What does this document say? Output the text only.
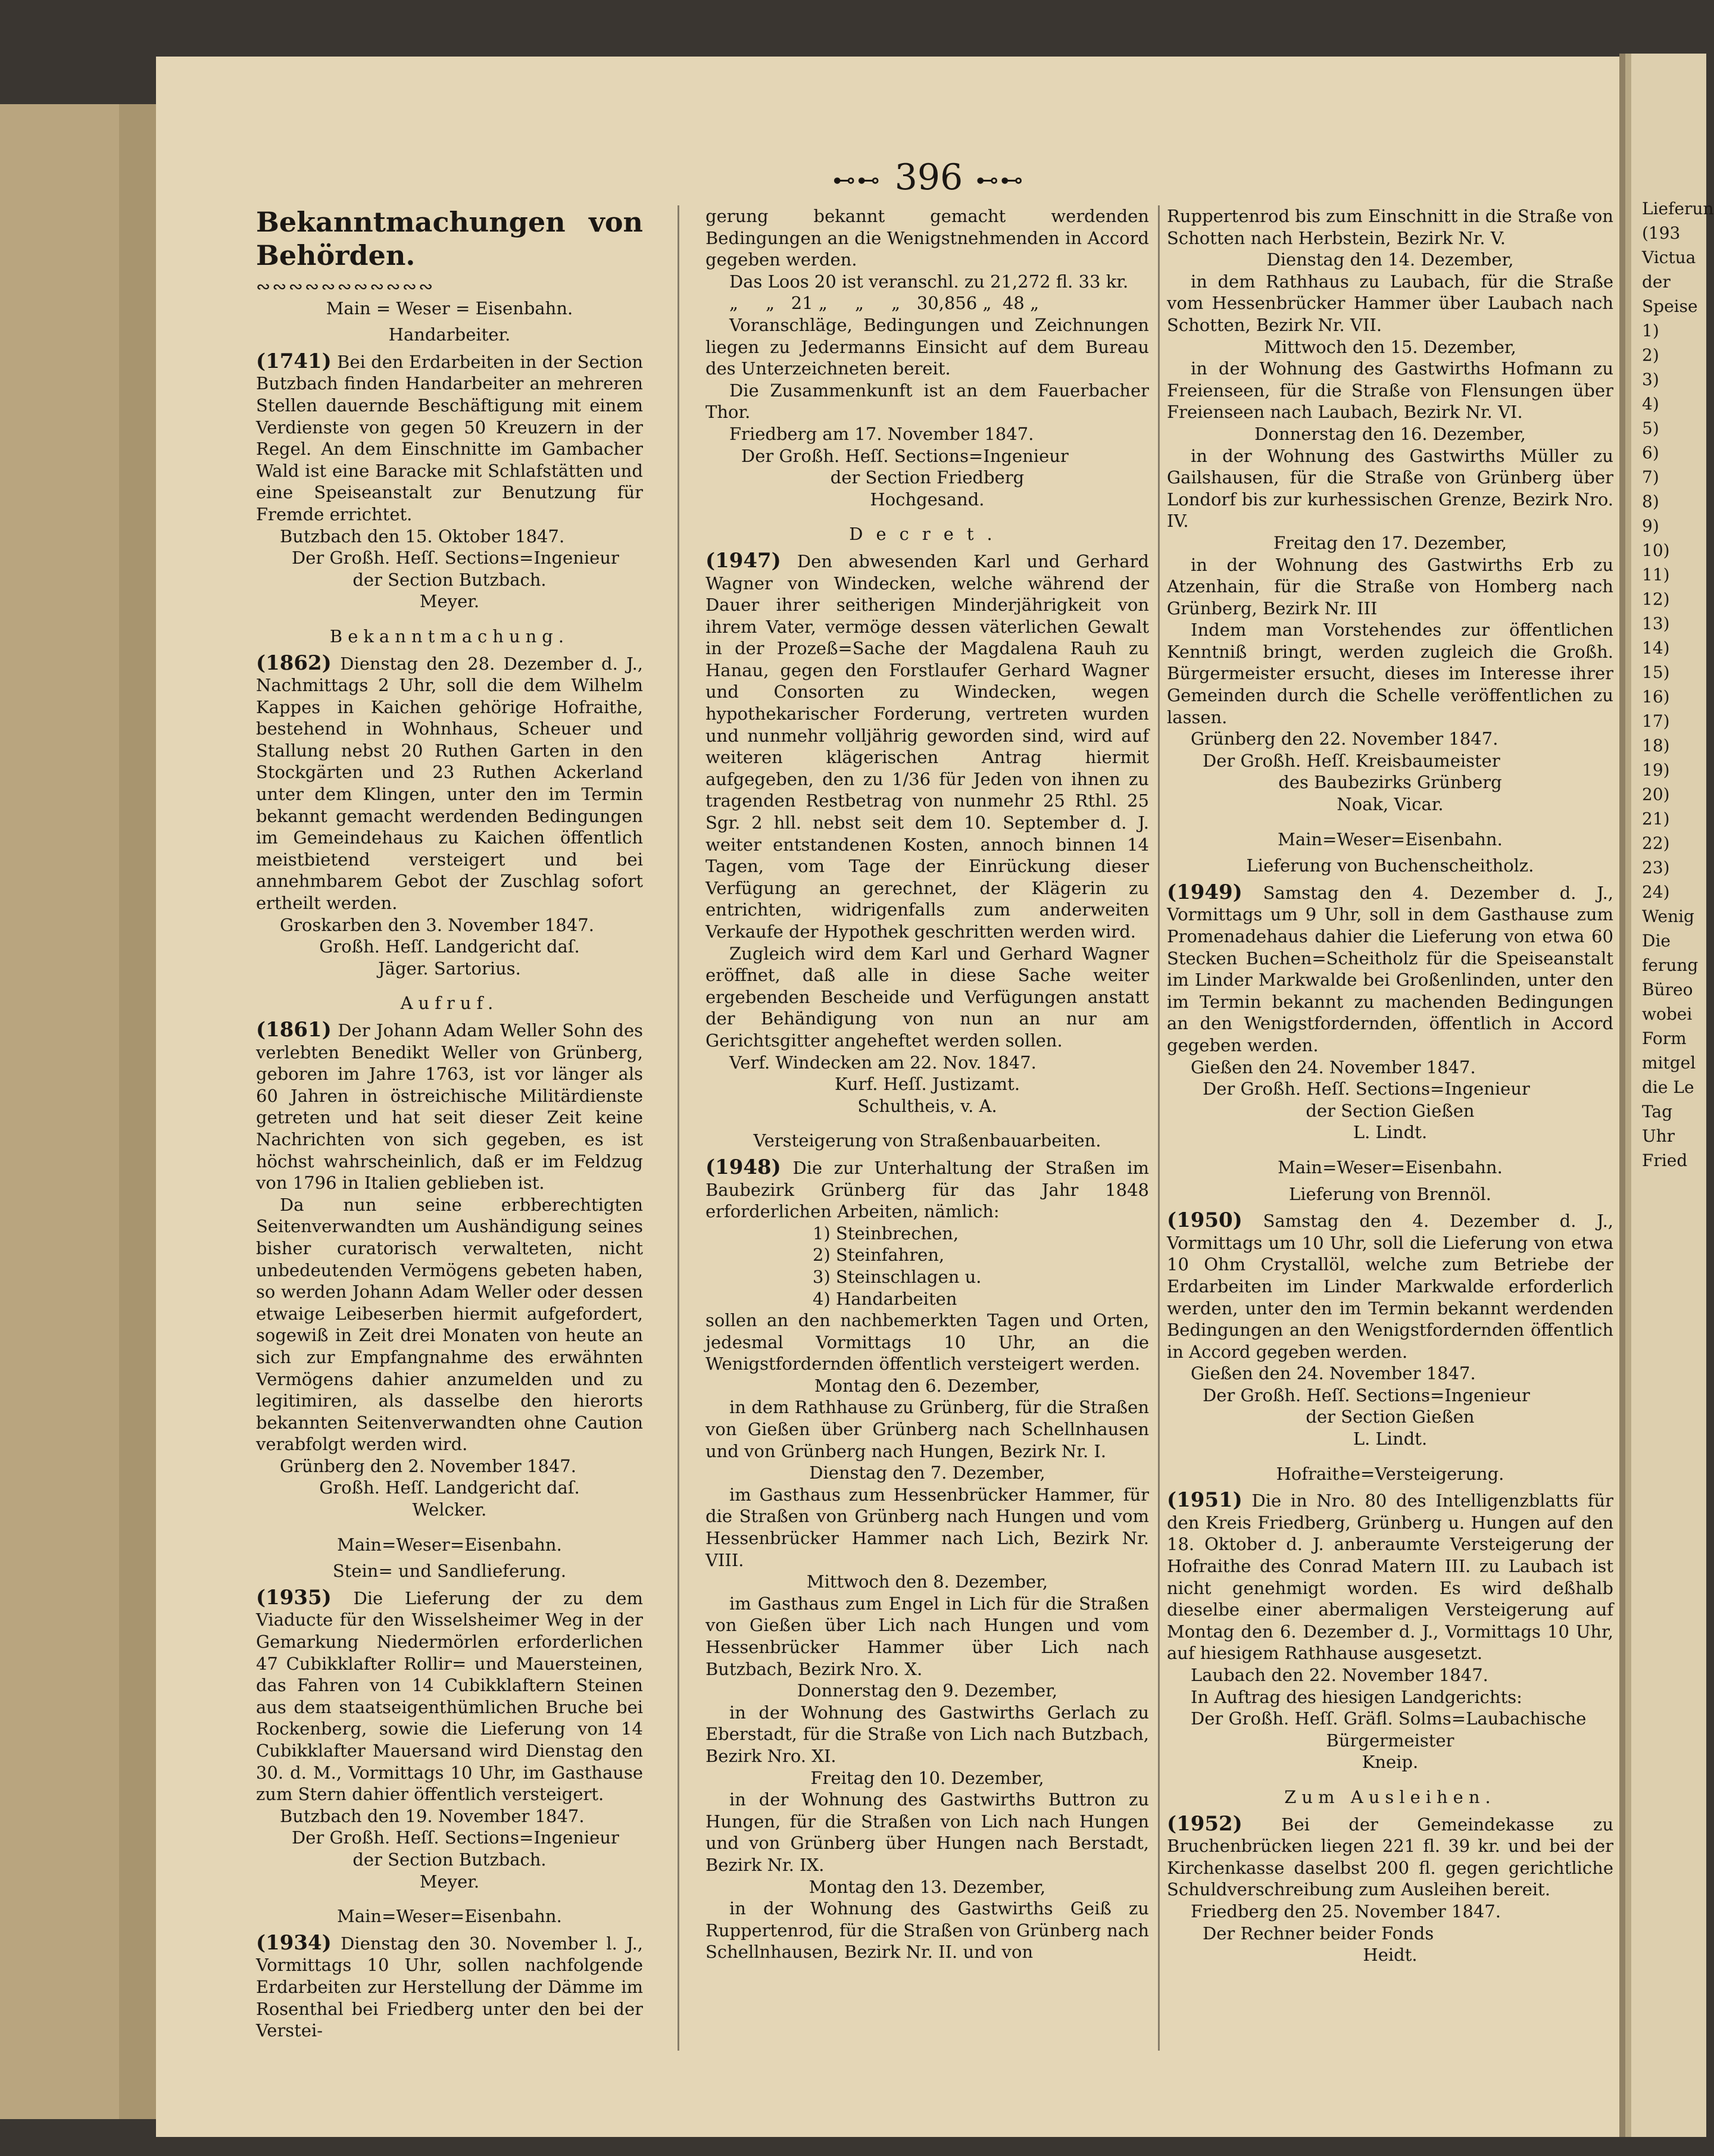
⊷⊷ 396 ⊷⊷

Bekanntmachungen von Behörden.

∾∾∾∾∾∾∾∾∾∾∾

Main = Weser = Eisenbahn.

Handarbeiter.

(1741) Bei den Erdarbeiten in der Section Butzbach finden Handarbeiter an mehreren Stellen dauernde Beschäftigung mit einem Verdienste von gegen 50 Kreuzern in der Regel. An dem Einschnitte im Gambacher Wald ist eine Baracke mit Schlafstätten und eine Speiseanstalt zur Benutzung für Fremde errichtet.

Butzbach den 15. Oktober 1847.

Der Großh. Heſſ. Sections=Ingenieur

der Section Butzbach.

Meyer.

Bekanntmachung.

(1862) Dienstag den 28. Dezember d. J., Nachmittags 2 Uhr, soll die dem Wilhelm Kappes in Kaichen gehörige Hofraithe, bestehend in Wohnhaus, Scheuer und Stallung nebst 20 Ruthen Garten in den Stockgärten und 23 Ruthen Ackerland unter dem Klingen, unter den im Termin bekannt gemacht werdenden Bedingungen im Gemeindehaus zu Kaichen öffentlich meistbietend versteigert und bei annehmbarem Gebot der Zuschlag sofort ertheilt werden.

Groskarben den 3. November 1847.

Großh. Heſſ. Landgericht daſ.

Jäger. Sartorius.

Aufruf.

(1861) Der Johann Adam Weller Sohn des verlebten Benedikt Weller von Grünberg, geboren im Jahre 1763, ist vor länger als 60 Jahren in östreichische Militärdienste getreten und hat seit dieser Zeit keine Nachrichten von sich gegeben, es ist höchst wahrscheinlich, daß er im Feldzug von 1796 in Italien geblieben ist.

Da nun seine erbberechtigten Seitenverwandten um Aushändigung seines bisher curatorisch verwalteten, nicht unbedeutenden Vermögens gebeten haben, so werden Johann Adam Weller oder dessen etwaige Leibeserben hiermit aufgefordert, sogewiß in Zeit drei Monaten von heute an sich zur Empfangnahme des erwähnten Vermögens dahier anzumelden und zu legitimiren, als dasselbe den hierorts bekannten Seitenverwandten ohne Caution verabfolgt werden wird.

Grünberg den 2. November 1847.

Großh. Heſſ. Landgericht daſ.

Welcker.

Main=Weser=Eisenbahn.

Stein= und Sandlieferung.

(1935) Die Lieferung der zu dem Viaducte für den Wisselsheimer Weg in der Gemarkung Niedermörlen erforderlichen 47 Cubikklafter Rollir= und Mauersteinen, das Fahren von 14 Cubikklaftern Steinen aus dem staatseigenthümlichen Bruche bei Rockenberg, sowie die Lieferung von 14 Cubikklafter Mauersand wird Dienstag den 30. d. M., Vormittags 10 Uhr, im Gasthause zum Stern dahier öffentlich versteigert.

Butzbach den 19. November 1847.

Der Großh. Heſſ. Sections=Ingenieur

der Section Butzbach.

Meyer.

Main=Weser=Eisenbahn.

(1934) Dienstag den 30. November l. J., Vormittags 10 Uhr, sollen nachfolgende Erdarbeiten zur Herstellung der Dämme im Rosenthal bei Friedberg unter den bei der Verstei-

gerung bekannt gemacht werdenden Bedingungen an die Wenigstnehmenden in Accord gegeben werden.

Das Loos 20 ist veranschl. zu 21,272 fl. 33 kr.

„     „   21 „     „     „   30,856 „  48 „

Voranschläge, Bedingungen und Zeichnungen liegen zu Jedermanns Einsicht auf dem Bureau des Unterzeichneten bereit.

Die Zusammenkunft ist an dem Fauerbacher Thor.

Friedberg am 17. November 1847.

Der Großh. Heſſ. Sections=Ingenieur

der Section Friedberg

Hochgesand.

Decret.

(1947) Den abwesenden Karl und Gerhard Wagner von Windecken, welche während der Dauer ihrer seitherigen Minderjährigkeit von ihrem Vater, vermöge dessen väterlichen Gewalt in der Prozeß=Sache der Magdalena Rauh zu Hanau, gegen den Forstlaufer Gerhard Wagner und Consorten zu Windecken, wegen hypothekarischer Forderung, vertreten wurden und nunmehr volljährig geworden sind, wird auf weiteren klägerischen Antrag hiermit aufgegeben, den zu 1/36 für Jeden von ihnen zu tragenden Restbetrag von nunmehr 25 Rthl. 25 Sgr. 2 hll. nebst seit dem 10. September d. J. weiter entstandenen Kosten, annoch binnen 14 Tagen, vom Tage der Einrückung dieser Verfügung an gerechnet, der Klägerin zu entrichten, widrigenfalls zum anderweiten Verkaufe der Hypothek geschritten werden wird.

Zugleich wird dem Karl und Gerhard Wagner eröffnet, daß alle in diese Sache weiter ergebenden Bescheide und Verfügungen anstatt der Behändigung von nun an nur am Gerichtsgitter angeheftet werden sollen.

Verf. Windecken am 22. Nov. 1847.

Kurf. Heſſ. Justizamt.

Schultheis, v. A.

Versteigerung von Straßenbauarbeiten.

(1948) Die zur Unterhaltung der Straßen im Baubezirk Grünberg für das Jahr 1848 erforderlichen Arbeiten, nämlich:

1) Steinbrechen,
2) Steinfahren,
3) Steinschlagen u.
4) Handarbeiten

sollen an den nachbemerkten Tagen und Orten, jedesmal Vormittags 10 Uhr, an die Wenigstfordernden öffentlich versteigert werden.

Montag den 6. Dezember,

in dem Rathhause zu Grünberg, für die Straßen von Gießen über Grünberg nach Schellnhausen und von Grünberg nach Hungen, Bezirk Nr. I.

Dienstag den 7. Dezember,

im Gasthaus zum Hessenbrücker Hammer, für die Straßen von Grünberg nach Hungen und vom Hessenbrücker Hammer nach Lich, Bezirk Nr. VIII.

Mittwoch den 8. Dezember,

im Gasthaus zum Engel in Lich für die Straßen von Gießen über Lich nach Hungen und vom Hessenbrücker Hammer über Lich nach Butzbach, Bezirk Nro. X.

Donnerstag den 9. Dezember,

in der Wohnung des Gastwirths Gerlach zu Eberstadt, für die Straße von Lich nach Butzbach, Bezirk Nro. XI.

Freitag den 10. Dezember,

in der Wohnung des Gastwirths Buttron zu Hungen, für die Straßen von Lich nach Hungen und von Grünberg über Hungen nach Berstadt, Bezirk Nr. IX.

Montag den 13. Dezember,

in der Wohnung des Gastwirths Geiß zu Ruppertenrod, für die Straßen von Grünberg nach Schellnhausen, Bezirk Nr. II. und von

Ruppertenrod bis zum Einschnitt in die Straße von Schotten nach Herbstein, Bezirk Nr. V.

Dienstag den 14. Dezember,

in dem Rathhaus zu Laubach, für die Straße vom Hessenbrücker Hammer über Laubach nach Schotten, Bezirk Nr. VII.

Mittwoch den 15. Dezember,

in der Wohnung des Gastwirths Hofmann zu Freienseen, für die Straße von Flensungen über Freienseen nach Laubach, Bezirk Nr. VI.

Donnerstag den 16. Dezember,

in der Wohnung des Gastwirths Müller zu Gailshausen, für die Straße von Grünberg über Londorf bis zur kurhessischen Grenze, Bezirk Nro. IV.

Freitag den 17. Dezember,

in der Wohnung des Gastwirths Erb zu Atzenhain, für die Straße von Homberg nach Grünberg, Bezirk Nr. III

Indem man Vorstehendes zur öffentlichen Kenntniß bringt, werden zugleich die Großh. Bürgermeister ersucht, dieses im Interesse ihrer Gemeinden durch die Schelle veröffentlichen zu lassen.

Grünberg den 22. November 1847.

Der Großh. Heſſ. Kreisbaumeister

des Baubezirks Grünberg

Noak, Vicar.

Main=Weser=Eisenbahn.

Lieferung von Buchenscheitholz.

(1949) Samstag den 4. Dezember d. J., Vormittags um 9 Uhr, soll in dem Gasthause zum Promenadehaus dahier die Lieferung von etwa 60 Stecken Buchen=Scheitholz für die Speiseanstalt im Linder Markwalde bei Großenlinden, unter den im Termin bekannt zu machenden Bedingungen an den Wenigstfordernden, öffentlich in Accord gegeben werden.

Gießen den 24. November 1847.

Der Großh. Heſſ. Sections=Ingenieur

der Section Gießen

L. Lindt.

Main=Weser=Eisenbahn.

Lieferung von Brennöl.

(1950) Samstag den 4. Dezember d. J., Vormittags um 10 Uhr, soll die Lieferung von etwa 10 Ohm Crystallöl, welche zum Betriebe der Erdarbeiten im Linder Markwalde erforderlich werden, unter den im Termin bekannt werdenden Bedingungen an den Wenigstfordernden öffentlich in Accord gegeben werden.

Gießen den 24. November 1847.

Der Großh. Heſſ. Sections=Ingenieur

der Section Gießen

L. Lindt.

Hofraithe=Versteigerung.

(1951) Die in Nro. 80 des Intelligenzblatts für den Kreis Friedberg, Grünberg u. Hungen auf den 18. Oktober d. J. anberaumte Versteigerung der Hofraithe des Conrad Matern III. zu Laubach ist nicht genehmigt worden. Es wird deßhalb dieselbe einer abermaligen Versteigerung auf Montag den 6. Dezember d. J., Vormittags 10 Uhr, auf hiesigem Rathhause ausgesetzt.

Laubach den 22. November 1847.

In Auftrag des hiesigen Landgerichts:

Der Großh. Heſſ. Gräfl. Solms=Laubachische

Bürgermeister

Kneip.

Zum Ausleihen.

(1952) Bei der Gemeindekasse zu Bruchenbrücken liegen 221 fl. 39 kr. und bei der Kirchenkasse daselbst 200 fl. gegen gerichtliche Schuldverschreibung zum Ausleihen bereit.

Friedberg den 25. November 1847.

Der Rechner beider Fonds

Heidt.

Lieferun
(193
Victua
der
Speise
1)
2)
3)
4)
5)
6)
7)
8)
9)
10)
11)
12)
13)
14)
15)
16)
17)
18)
19)
20)
21)
22)
23)
24)
Wenig
Die
ferung
Büreo
wobei
Form
mitgel
die Le
Tag
Uhr
Fried
